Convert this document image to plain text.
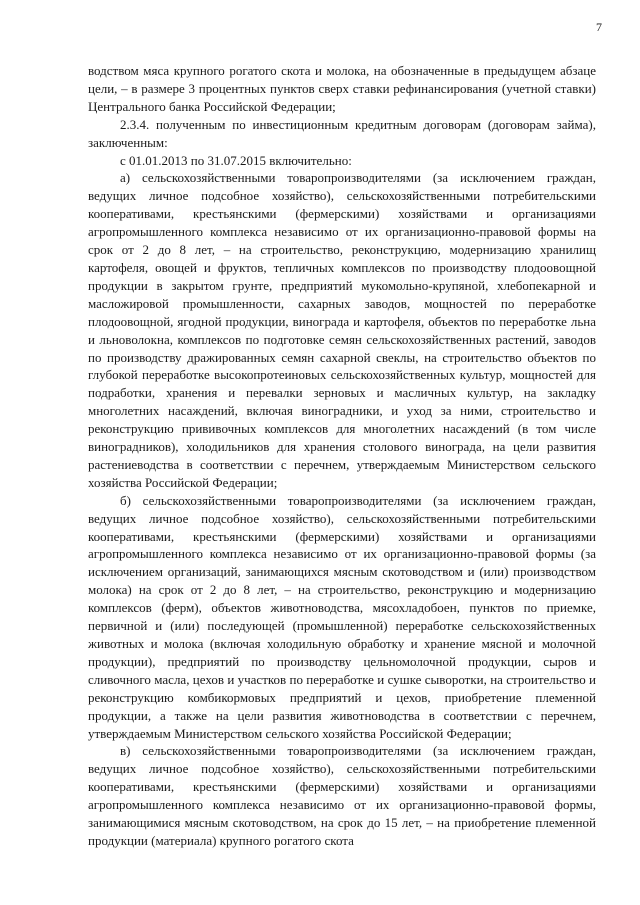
7

водством мяса крупного рогатого скота и молока, на обозначенные в предыдущем абзаце цели, – в размере 3 процентных пунктов сверх ставки рефинансирования (учетной ставки) Центрального банка Российской Федерации;

2.3.4. полученным по инвестиционным кредитным договорам (договорам займа), заключенным:

с 01.01.2013 по 31.07.2015 включительно:

а) сельскохозяйственными товаропроизводителями (за исключением граждан, ведущих личное подсобное хозяйство), сельскохозяйственными потребительскими кооперативами, крестьянскими (фермерскими) хозяйствами и организациями агропромышленного комплекса независимо от их организационно-правовой формы на срок от 2 до 8 лет, – на строительство, реконструкцию, модернизацию хранилищ картофеля, овощей и фруктов, тепличных комплексов по производству плодоовощной продукции в закрытом грунте, предприятий мукомольно-крупяной, хлебопекарной и масложировой промышленности, сахарных заводов, мощностей по переработке плодоовощной, ягодной продукции, винограда и картофеля, объектов по переработке льна и льноволокна, комплексов по подготовке семян сельскохозяйственных растений, заводов по производству дражированных семян сахарной свеклы, на строительство объектов по глубокой переработке высокопротеиновых сельскохозяйственных культур, мощностей для подработки, хранения и перевалки зерновых и масличных культур, на закладку многолетних насаждений, включая виноградники, и уход за ними, строительство и реконструкцию прививочных комплексов для многолетних насаждений (в том числе виноградников), холодильников для хранения столового винограда, на цели развития растениеводства в соответствии с перечнем, утверждаемым Министерством сельского хозяйства Российской Федерации;

б) сельскохозяйственными товаропроизводителями (за исключением граждан, ведущих личное подсобное хозяйство), сельскохозяйственными потребительскими кооперативами, крестьянскими (фермерскими) хозяйствами и организациями агропромышленного комплекса независимо от их организационно-правовой формы (за исключением организаций, занимающихся мясным скотоводством и (или) производством молока) на срок от 2 до 8 лет, – на строительство, реконструкцию и модернизацию комплексов (ферм), объектов животноводства, мясохладобоен, пунктов по приемке, первичной и (или) последующей (промышленной) переработке сельскохозяйственных животных и молока (включая холодильную обработку и хранение мясной и молочной продукции), предприятий по производству цельномолочной продукции, сыров и сливочного масла, цехов и участков по переработке и сушке сыворотки, на строительство и реконструкцию комбикормовых предприятий и цехов, приобретение племенной продукции, а также на цели развития животноводства в соответствии с перечнем, утверждаемым Министерством сельского хозяйства Российской Федерации;

в) сельскохозяйственными товаропроизводителями (за исключением граждан, ведущих личное подсобное хозяйство), сельскохозяйственными потребительскими кооперативами, крестьянскими (фермерскими) хозяйствами и организациями агропромышленного комплекса независимо от их организационно-правовой формы, занимающимися мясным скотоводством, на срок до 15 лет, – на приобретение племенной продукции (материала) крупного рогатого скота
